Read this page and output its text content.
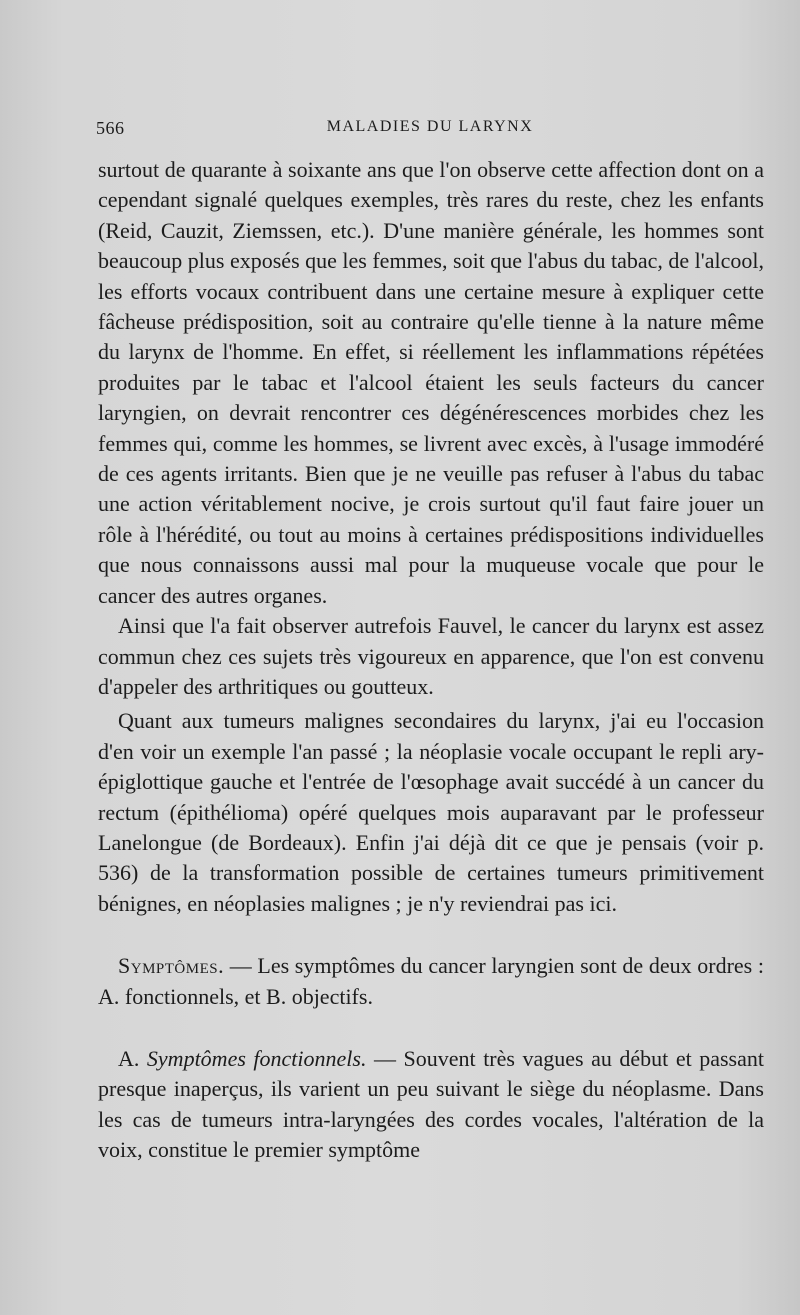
566	MALADIES DU LARYNX

surtout de quarante à soixante ans que l'on observe cette affection dont on a cependant signalé quelques exemples, très rares du reste, chez les enfants (Reid, Cauzit, Ziemssen, etc.). D'une manière générale, les hommes sont beaucoup plus exposés que les femmes, soit que l'abus du tabac, de l'alcool, les efforts vocaux contribuent dans une certaine mesure à expliquer cette fâcheuse prédisposition, soit au contraire qu'elle tienne à la nature même du larynx de l'homme. En effet, si réellement les inflammations répétées produites par le tabac et l'alcool étaient les seuls facteurs du cancer laryngien, on devrait rencontrer ces dégénérescences morbides chez les femmes qui, comme les hommes, se livrent avec excès, à l'usage immodéré de ces agents irritants. Bien que je ne veuille pas refuser à l'abus du tabac une action véritablement nocive, je crois surtout qu'il faut faire jouer un rôle à l'hérédité, ou tout au moins à certaines prédispositions individuelles que nous connaissons aussi mal pour la muqueuse vocale que pour le cancer des autres organes.

Ainsi que l'a fait observer autrefois Fauvel, le cancer du larynx est assez commun chez ces sujets très vigoureux en apparence, que l'on est convenu d'appeler des arthritiques ou goutteux.

Quant aux tumeurs malignes secondaires du larynx, j'ai eu l'occasion d'en voir un exemple l'an passé ; la néoplasie vocale occupant le repli ary-épiglottique gauche et l'entrée de l'œsophage avait succédé à un cancer du rectum (épithélioma) opéré quelques mois auparavant par le professeur Lanelongue (de Bordeaux). Enfin j'ai déjà dit ce que je pensais (voir p. 536) de la transformation possible de certaines tumeurs primitivement bénignes, en néoplasies malignes ; je n'y reviendrai pas ici.

Symptômes. — Les symptômes du cancer laryngien sont de deux ordres : A. fonctionnels, et B. objectifs.

A. Symptômes fonctionnels. — Souvent très vagues au début et passant presque inaperçus, ils varient un peu suivant le siège du néoplasme. Dans les cas de tumeurs intra-laryngées des cordes vocales, l'altération de la voix, constitue le premier symptôme
